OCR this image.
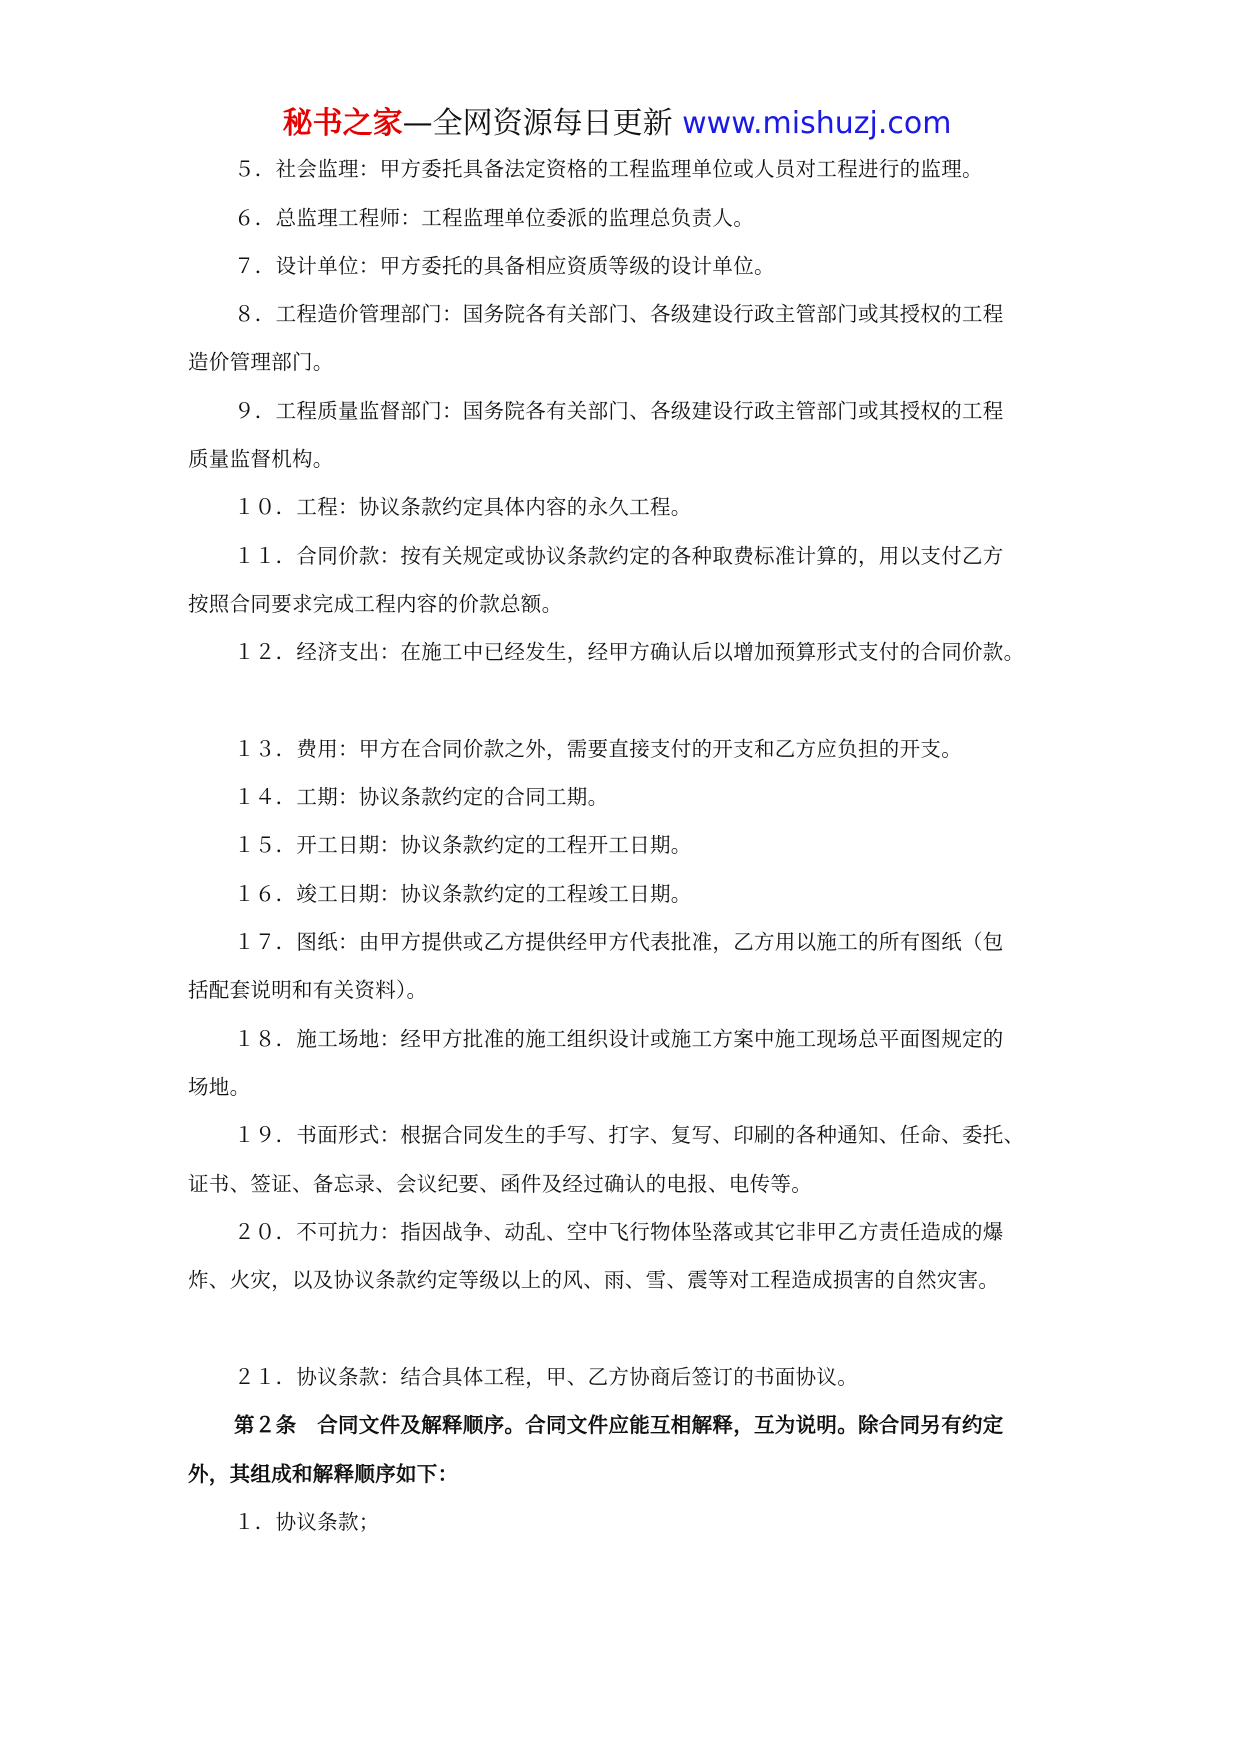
秘书之家—全网资源每日更新 www.mishuzj.com
５．社会监理：甲方委托具备法定资格的工程监理单位或人员对工程进行的监理。
６．总监理工程师：工程监理单位委派的监理总负责人。
７．设计单位：甲方委托的具备相应资质等级的设计单位。
８．工程造价管理部门：国务院各有关部门、各级建设行政主管部门或其授权的工程
造价管理部门。
９．工程质量监督部门：国务院各有关部门、各级建设行政主管部门或其授权的工程
质量监督机构。
１０．工程：协议条款约定具体内容的永久工程。
１１．合同价款：按有关规定或协议条款约定的各种取费标准计算的，用以支付乙方
按照合同要求完成工程内容的价款总额。
１２．经济支出：在施工中已经发生，经甲方确认后以增加预算形式支付的合同价款。
１３．费用：甲方在合同价款之外，需要直接支付的开支和乙方应负担的开支。
１４．工期：协议条款约定的合同工期。
１５．开工日期：协议条款约定的工程开工日期。
１６．竣工日期：协议条款约定的工程竣工日期。
１７．图纸：由甲方提供或乙方提供经甲方代表批准，乙方用以施工的所有图纸（包
括配套说明和有关资料）。
１８．施工场地：经甲方批准的施工组织设计或施工方案中施工现场总平面图规定的
场地。
１９．书面形式：根据合同发生的手写、打字、复写、印刷的各种通知、任命、委托、
证书、签证、备忘录、会议纪要、函件及经过确认的电报、电传等。
２０．不可抗力：指因战争、动乱、空中飞行物体坠落或其它非甲乙方责任造成的爆
炸、火灾，以及协议条款约定等级以上的风、雨、雪、震等对工程造成损害的自然灾害。
２１．协议条款：结合具体工程，甲、乙方协商后签订的书面协议。
第２条　合同文件及解释顺序。合同文件应能互相解释，互为说明。除合同另有约定
外，其组成和解释顺序如下：
１．协议条款；
